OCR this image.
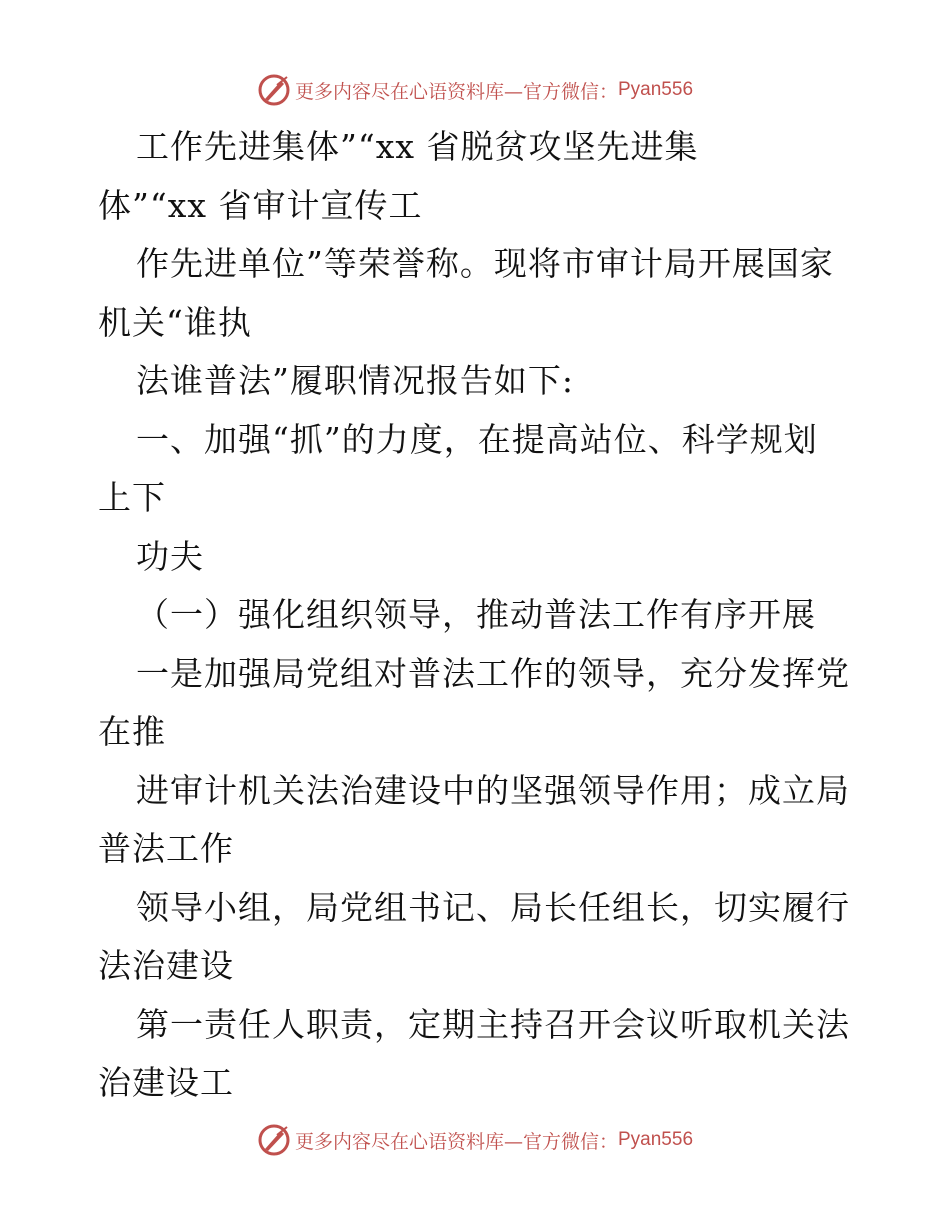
更多内容尽在心语资料库—官方微信： Pyan556
工作先进集体”“xx 省脱贫攻坚先进集
体”“xx 省审计宣传工
作先进单位”等荣誉称。现将市审计局开展国家
机关“谁执
法谁普法”履职情况报告如下:
一、加强“抓”的力度，在提高站位、科学规划
上下
功夫
（一）强化组织领导，推动普法工作有序开展
一是加强局党组对普法工作的领导，充分发挥党
在推
进审计机关法治建设中的坚强领导作用；成立局
普法工作
领导小组，局党组书记、局长任组长，切实履行
法治建设
第一责任人职责，定期主持召开会议听取机关法
治建设工
更多内容尽在心语资料库—官方微信： Pyan556
